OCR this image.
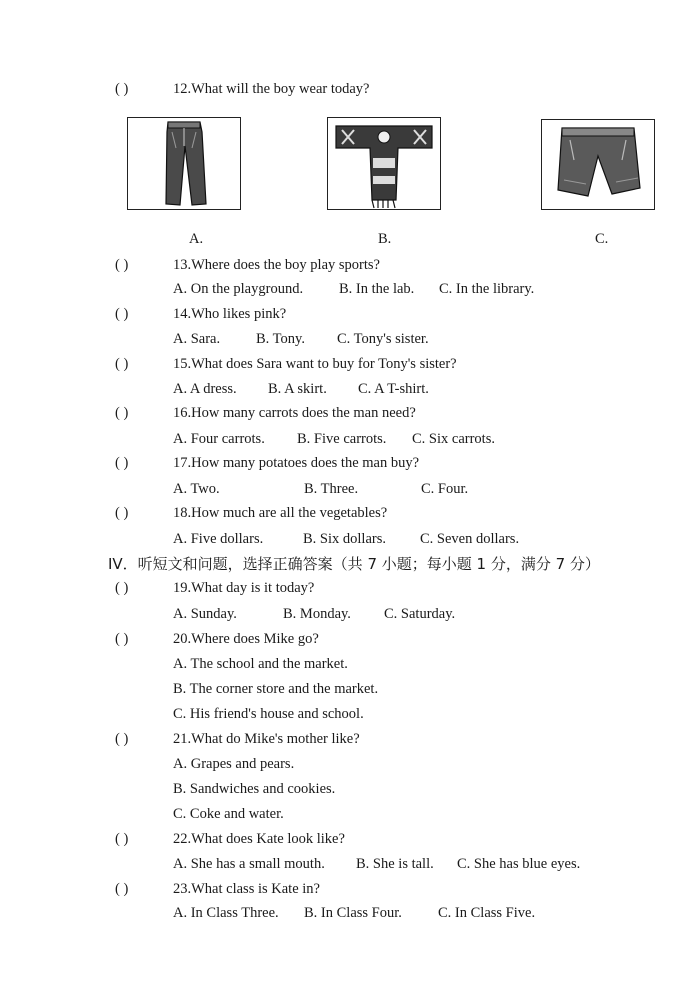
( )	12.What will the boy wear today?
A.	B.	C.
( )	13.Where does the boy play sports?
A. On the playground. B. In the lab. C. In the library.
( )	14.Who likes pink?
A. Sara. B. Tony. C. Tony's sister.
( )	15.What does Sara want to buy for Tony's sister?
A. A dress. B. A skirt. C. A T-shirt.
( )	16.How many carrots does the man need?
A. Four carrots. B. Five carrots. C. Six carrots.
( )	17.How many potatoes does the man buy?
A. Two.	B. Three.	C. Four.
( )	18.How much are all the vegetables?
A. Five dollars.	B. Six dollars. C. Seven dollars.
IV．听短文和问题，选择正确答案（共 7 小题；每小题 1 分，满分 7 分）
( )	19.What day is it today?
A. Sunday.	B. Monday. C. Saturday.
( )	20.Where does Mike go?
A. The school and the market.
B. The corner store and the market.
C. His friend's house and school.
( )	21.What do Mike's mother like?
A. Grapes and pears.
B. Sandwiches and cookies.
C. Coke and water.
( )	22.What does Kate look like?
A. She has a small mouth. B. She is tall. C. She has blue eyes.
( )	23.What class is Kate in?
A. In Class Three. B. In Class Four. C. In Class Five.
